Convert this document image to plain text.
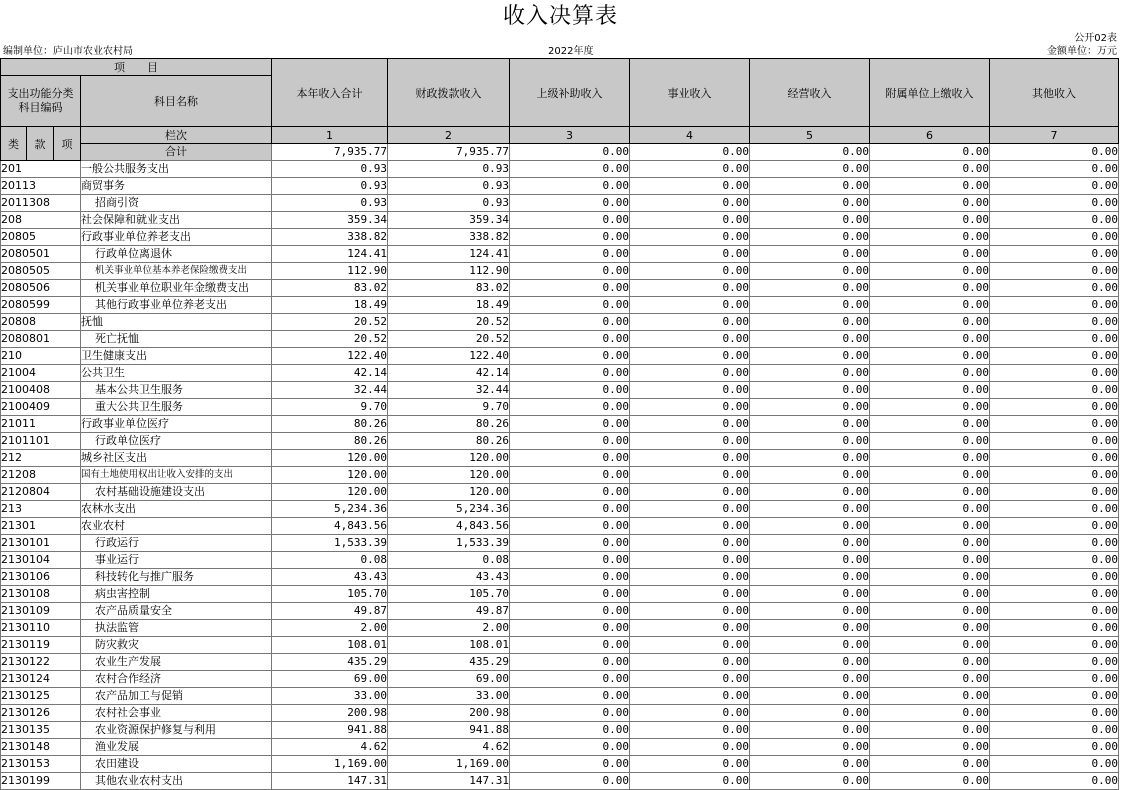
收入决算表
公开02表
编制单位：庐山市农业农村局	2022年度	金额单位：万元
项　　目				本年收入合计	财政拨款收入	上级补助收入	事业收入	经营收入	附属单位上缴收入	其他收入
支出功能分类
科目编码			科目名称							
类	款	项	栏次	1	2	3	4	5	6	7
			合计	7,935.77	7,935.77	0.00	0.00	0.00	0.00	0.00
201			一般公共服务支出	0.93	0.93	0.00	0.00	0.00	0.00	0.00
20113			商贸事务	0.93	0.93	0.00	0.00	0.00	0.00	0.00
2011308			招商引资	0.93	0.93	0.00	0.00	0.00	0.00	0.00
208			社会保障和就业支出	359.34	359.34	0.00	0.00	0.00	0.00	0.00
20805			行政事业单位养老支出	338.82	338.82	0.00	0.00	0.00	0.00	0.00
2080501			行政单位离退休	124.41	124.41	0.00	0.00	0.00	0.00	0.00
2080505			机关事业单位基本养老保险缴费支出	112.90	112.90	0.00	0.00	0.00	0.00	0.00
2080506			机关事业单位职业年金缴费支出	83.02	83.02	0.00	0.00	0.00	0.00	0.00
2080599			其他行政事业单位养老支出	18.49	18.49	0.00	0.00	0.00	0.00	0.00
20808			抚恤	20.52	20.52	0.00	0.00	0.00	0.00	0.00
2080801			死亡抚恤	20.52	20.52	0.00	0.00	0.00	0.00	0.00
210			卫生健康支出	122.40	122.40	0.00	0.00	0.00	0.00	0.00
21004			公共卫生	42.14	42.14	0.00	0.00	0.00	0.00	0.00
2100408			基本公共卫生服务	32.44	32.44	0.00	0.00	0.00	0.00	0.00
2100409			重大公共卫生服务	9.70	9.70	0.00	0.00	0.00	0.00	0.00
21011			行政事业单位医疗	80.26	80.26	0.00	0.00	0.00	0.00	0.00
2101101			行政单位医疗	80.26	80.26	0.00	0.00	0.00	0.00	0.00
212			城乡社区支出	120.00	120.00	0.00	0.00	0.00	0.00	0.00
21208			国有土地使用权出让收入安排的支出	120.00	120.00	0.00	0.00	0.00	0.00	0.00
2120804			农村基础设施建设支出	120.00	120.00	0.00	0.00	0.00	0.00	0.00
213			农林水支出	5,234.36	5,234.36	0.00	0.00	0.00	0.00	0.00
21301			农业农村	4,843.56	4,843.56	0.00	0.00	0.00	0.00	0.00
2130101			行政运行	1,533.39	1,533.39	0.00	0.00	0.00	0.00	0.00
2130104			事业运行	0.08	0.08	0.00	0.00	0.00	0.00	0.00
2130106			科技转化与推广服务	43.43	43.43	0.00	0.00	0.00	0.00	0.00
2130108			病虫害控制	105.70	105.70	0.00	0.00	0.00	0.00	0.00
2130109			农产品质量安全	49.87	49.87	0.00	0.00	0.00	0.00	0.00
2130110			执法监管	2.00	2.00	0.00	0.00	0.00	0.00	0.00
2130119			防灾救灾	108.01	108.01	0.00	0.00	0.00	0.00	0.00
2130122			农业生产发展	435.29	435.29	0.00	0.00	0.00	0.00	0.00
2130124			农村合作经济	69.00	69.00	0.00	0.00	0.00	0.00	0.00
2130125			农产品加工与促销	33.00	33.00	0.00	0.00	0.00	0.00	0.00
2130126			农村社会事业	200.98	200.98	0.00	0.00	0.00	0.00	0.00
2130135			农业资源保护修复与利用	941.88	941.88	0.00	0.00	0.00	0.00	0.00
2130148			渔业发展	4.62	4.62	0.00	0.00	0.00	0.00	0.00
2130153			农田建设	1,169.00	1,169.00	0.00	0.00	0.00	0.00	0.00
2130199			其他农业农村支出	147.31	147.31	0.00	0.00	0.00	0.00	0.00
